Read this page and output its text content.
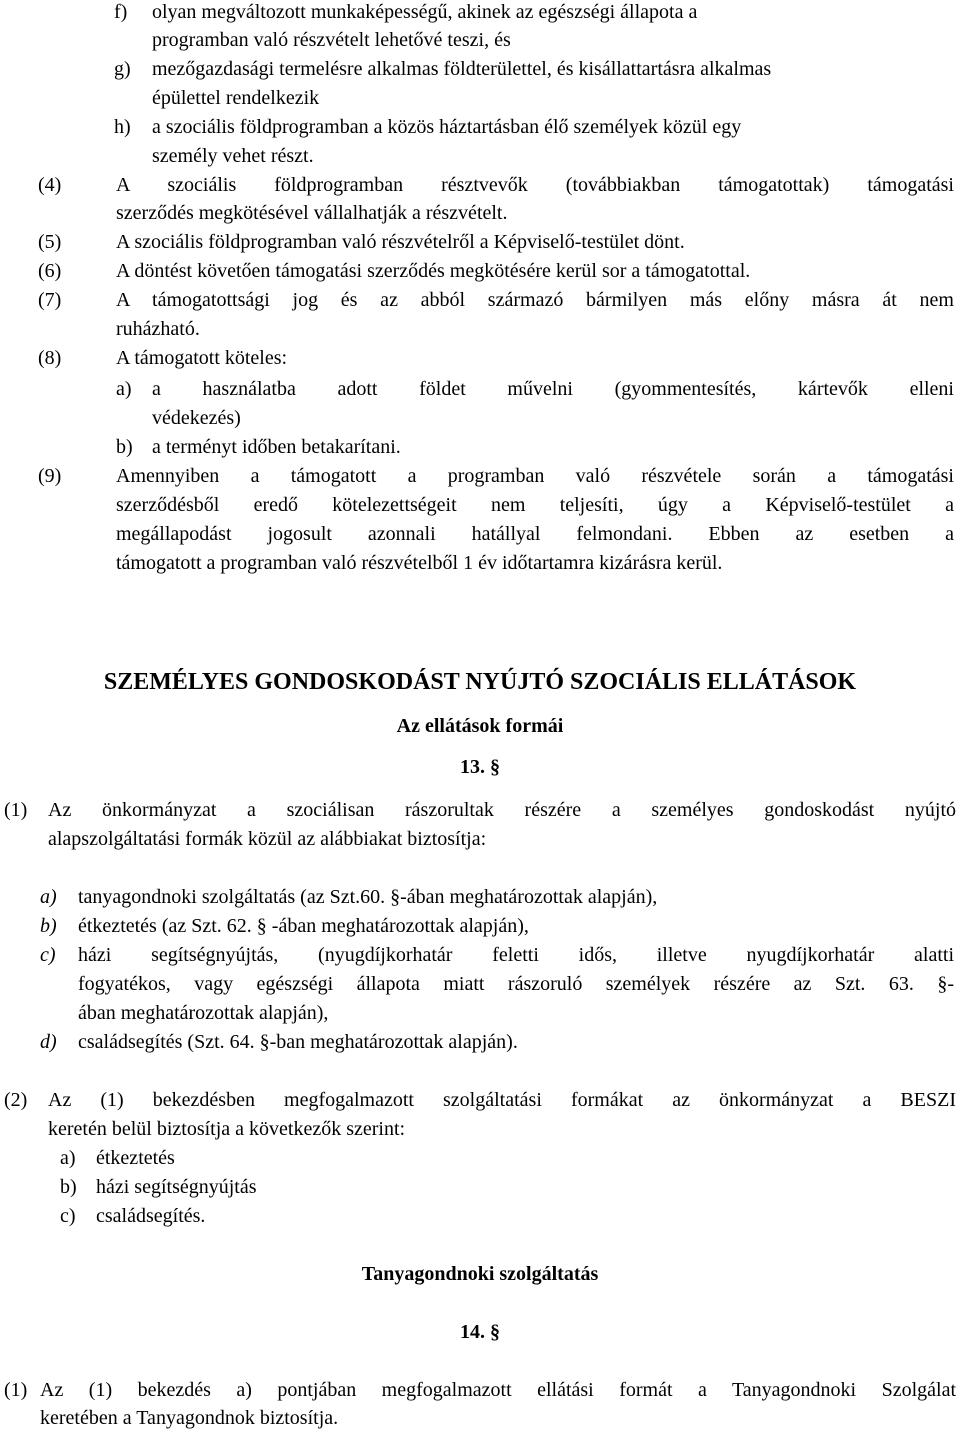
f) olyan megváltozott munkaképességű, akinek az egészségi állapota a
programban való részvételt lehetővé teszi, és
g) mezőgazdasági termelésre alkalmas földterülettel, és kisállattartásra alkalmas
épülettel rendelkezik
h) a szociális földprogramban a közös háztartásban élő személyek közül egy
személy vehet részt.
(4)	A szociális földprogramban résztvevők (továbbiakban támogatottak) támogatási
szerződés megkötésével vállalhatják a részvételt.
(5)	A szociális földprogramban való részvételről a Képviselő-testület dönt.
(6)	A döntést követően támogatási szerződés megkötésére kerül sor a támogatottal.
(7)	A támogatottsági jog és az abból származó bármilyen más előny másra át nem
ruházható.
(8)	A támogatott köteles:
a) a használatba adott földet művelni (gyommentesítés, kártevők elleni
védekezés)
b) a terményt időben betakarítani.
(9)	Amennyiben a támogatott a programban való részvétele során a támogatási
szerződésből eredő kötelezettségeit nem teljesíti, úgy a Képviselő-testület a
megállapodást jogosult azonnali hatállyal felmondani. Ebben az esetben a
támogatott a programban való részvételből 1 év időtartamra kizárásra kerül.
SZEMÉLYES GONDOSKODÁST NYÚJTÓ SZOCIÁLIS ELLÁTÁSOK
Az ellátások formái
13. §
(1) Az önkormányzat a szociálisan rászorultak részére a személyes gondoskodást nyújtó
alapszolgáltatási formák közül az alábbiakat biztosítja:
a) tanyagondnoki szolgáltatás (az Szt.60. §-ában meghatározottak alapján),
b) étkeztetés (az Szt. 62. § -ában meghatározottak alapján),
c) házi segítségnyújtás, (nyugdíjkorhatár feletti idős, illetve nyugdíjkorhatár alatti
fogyatékos, vagy egészségi állapota miatt rászoruló személyek részére az Szt. 63. §-
ában meghatározottak alapján),
d) családsegítés (Szt. 64. §-ban meghatározottak alapján).
(2) Az (1) bekezdésben megfogalmazott szolgáltatási formákat az önkormányzat a BESZI
keretén belül biztosítja a következők szerint:
a) étkeztetés
b) házi segítségnyújtás
c) családsegítés.
Tanyagondnoki szolgáltatás
14. §
(1) Az (1) bekezdés a) pontjában megfogalmazott ellátási formát a Tanyagondnoki Szolgálat
keretében a Tanyagondnok biztosítja.
